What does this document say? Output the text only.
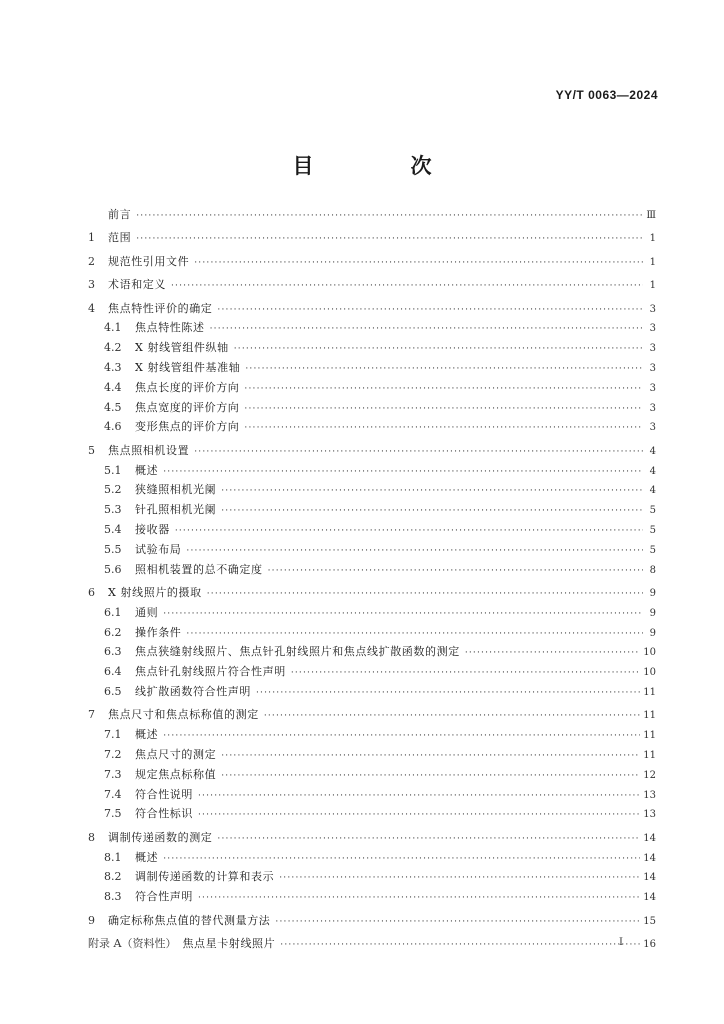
YY/T 0063—2024
目　次
前言 ·····	Ⅲ
1	范围 ·····	1
2	规范性引用文件 ·····	1
3	术语和定义 ·····	1
4	焦点特性评价的确定 ·····	3
4.1	焦点特性陈述 ·····	3
4.2	X 射线管组件纵轴 ·····	3
4.3	X 射线管组件基准轴 ·····	3
4.4	焦点长度的评价方向 ·····	3
4.5	焦点宽度的评价方向 ·····	3
4.6	变形焦点的评价方向 ·····	3
5	焦点照相机设置 ·····	4
5.1	概述 ·····	4
5.2	狭缝照相机光阑 ·····	4
5.3	针孔照相机光阑 ·····	5
5.4	接收器 ·····	5
5.5	试验布局 ·····	5
5.6	照相机装置的总不确定度 ·····	8
6	X 射线照片的摄取 ·····	9
6.1	通则 ·····	9
6.2	操作条件 ·····	9
6.3	焦点狭缝射线照片、焦点针孔射线照片和焦点线扩散函数的测定 ·····	10
6.4	焦点针孔射线照片符合性声明 ·····	10
6.5	线扩散函数符合性声明 ·····	11
7	焦点尺寸和焦点标称值的测定 ·····	11
7.1	概述 ·····	11
7.2	焦点尺寸的测定 ·····	11
7.3	规定焦点标称值 ·····	12
7.4	符合性说明 ·····	13
7.5	符合性标识 ·····	13
8	调制传递函数的测定 ·····	14
8.1	概述 ·····	14
8.2	调制传递函数的计算和表示 ·····	14
8.3	符合性声明 ·····	14
9	确定标称焦点值的替代测量方法 ·····	15
附录 A（资料性） 焦点星卡射线照片 ·····	16
I
